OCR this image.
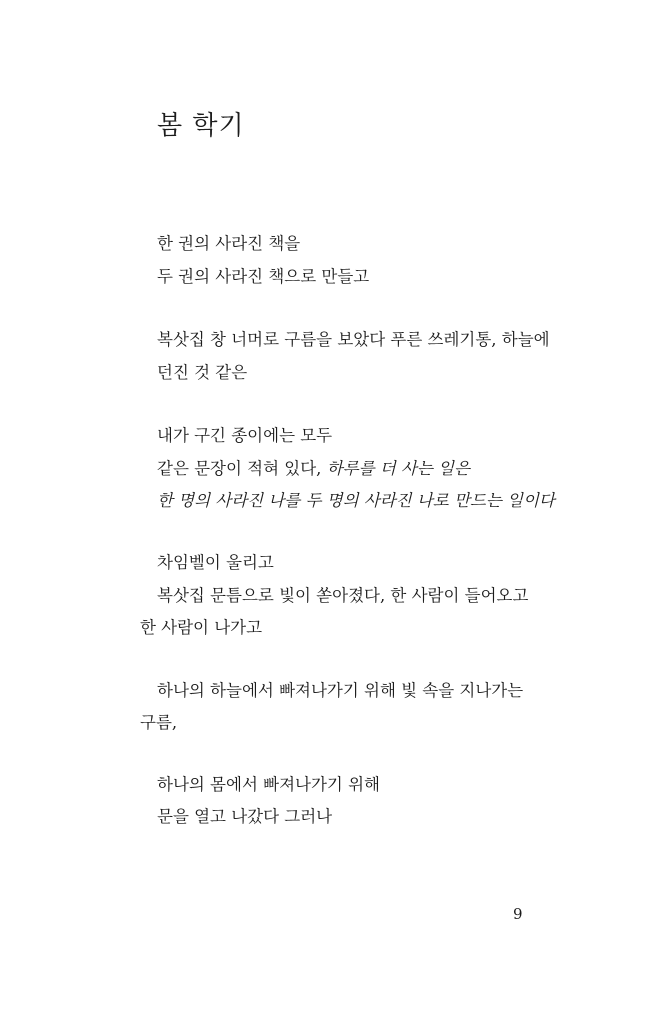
봄 학기
한 권의 사라진 책을
두 권의 사라진 책으로 만들고
복삿집 창 너머로 구름을 보았다 푸른 쓰레기통, 하늘에
던진 것 같은
내가 구긴 종이에는 모두
같은 문장이 적혀 있다, 하루를 더 사는 일은
한 명의 사라진 나를 두 명의 사라진 나로 만드는 일이다
차임벨이 울리고
복삿집 문틈으로 빛이 쏟아졌다, 한 사람이 들어오고
한 사람이 나가고
하나의 하늘에서 빠져나가기 위해 빛 속을 지나가는
구름,
하나의 몸에서 빠져나가기 위해
문을 열고 나갔다 그러나
9
